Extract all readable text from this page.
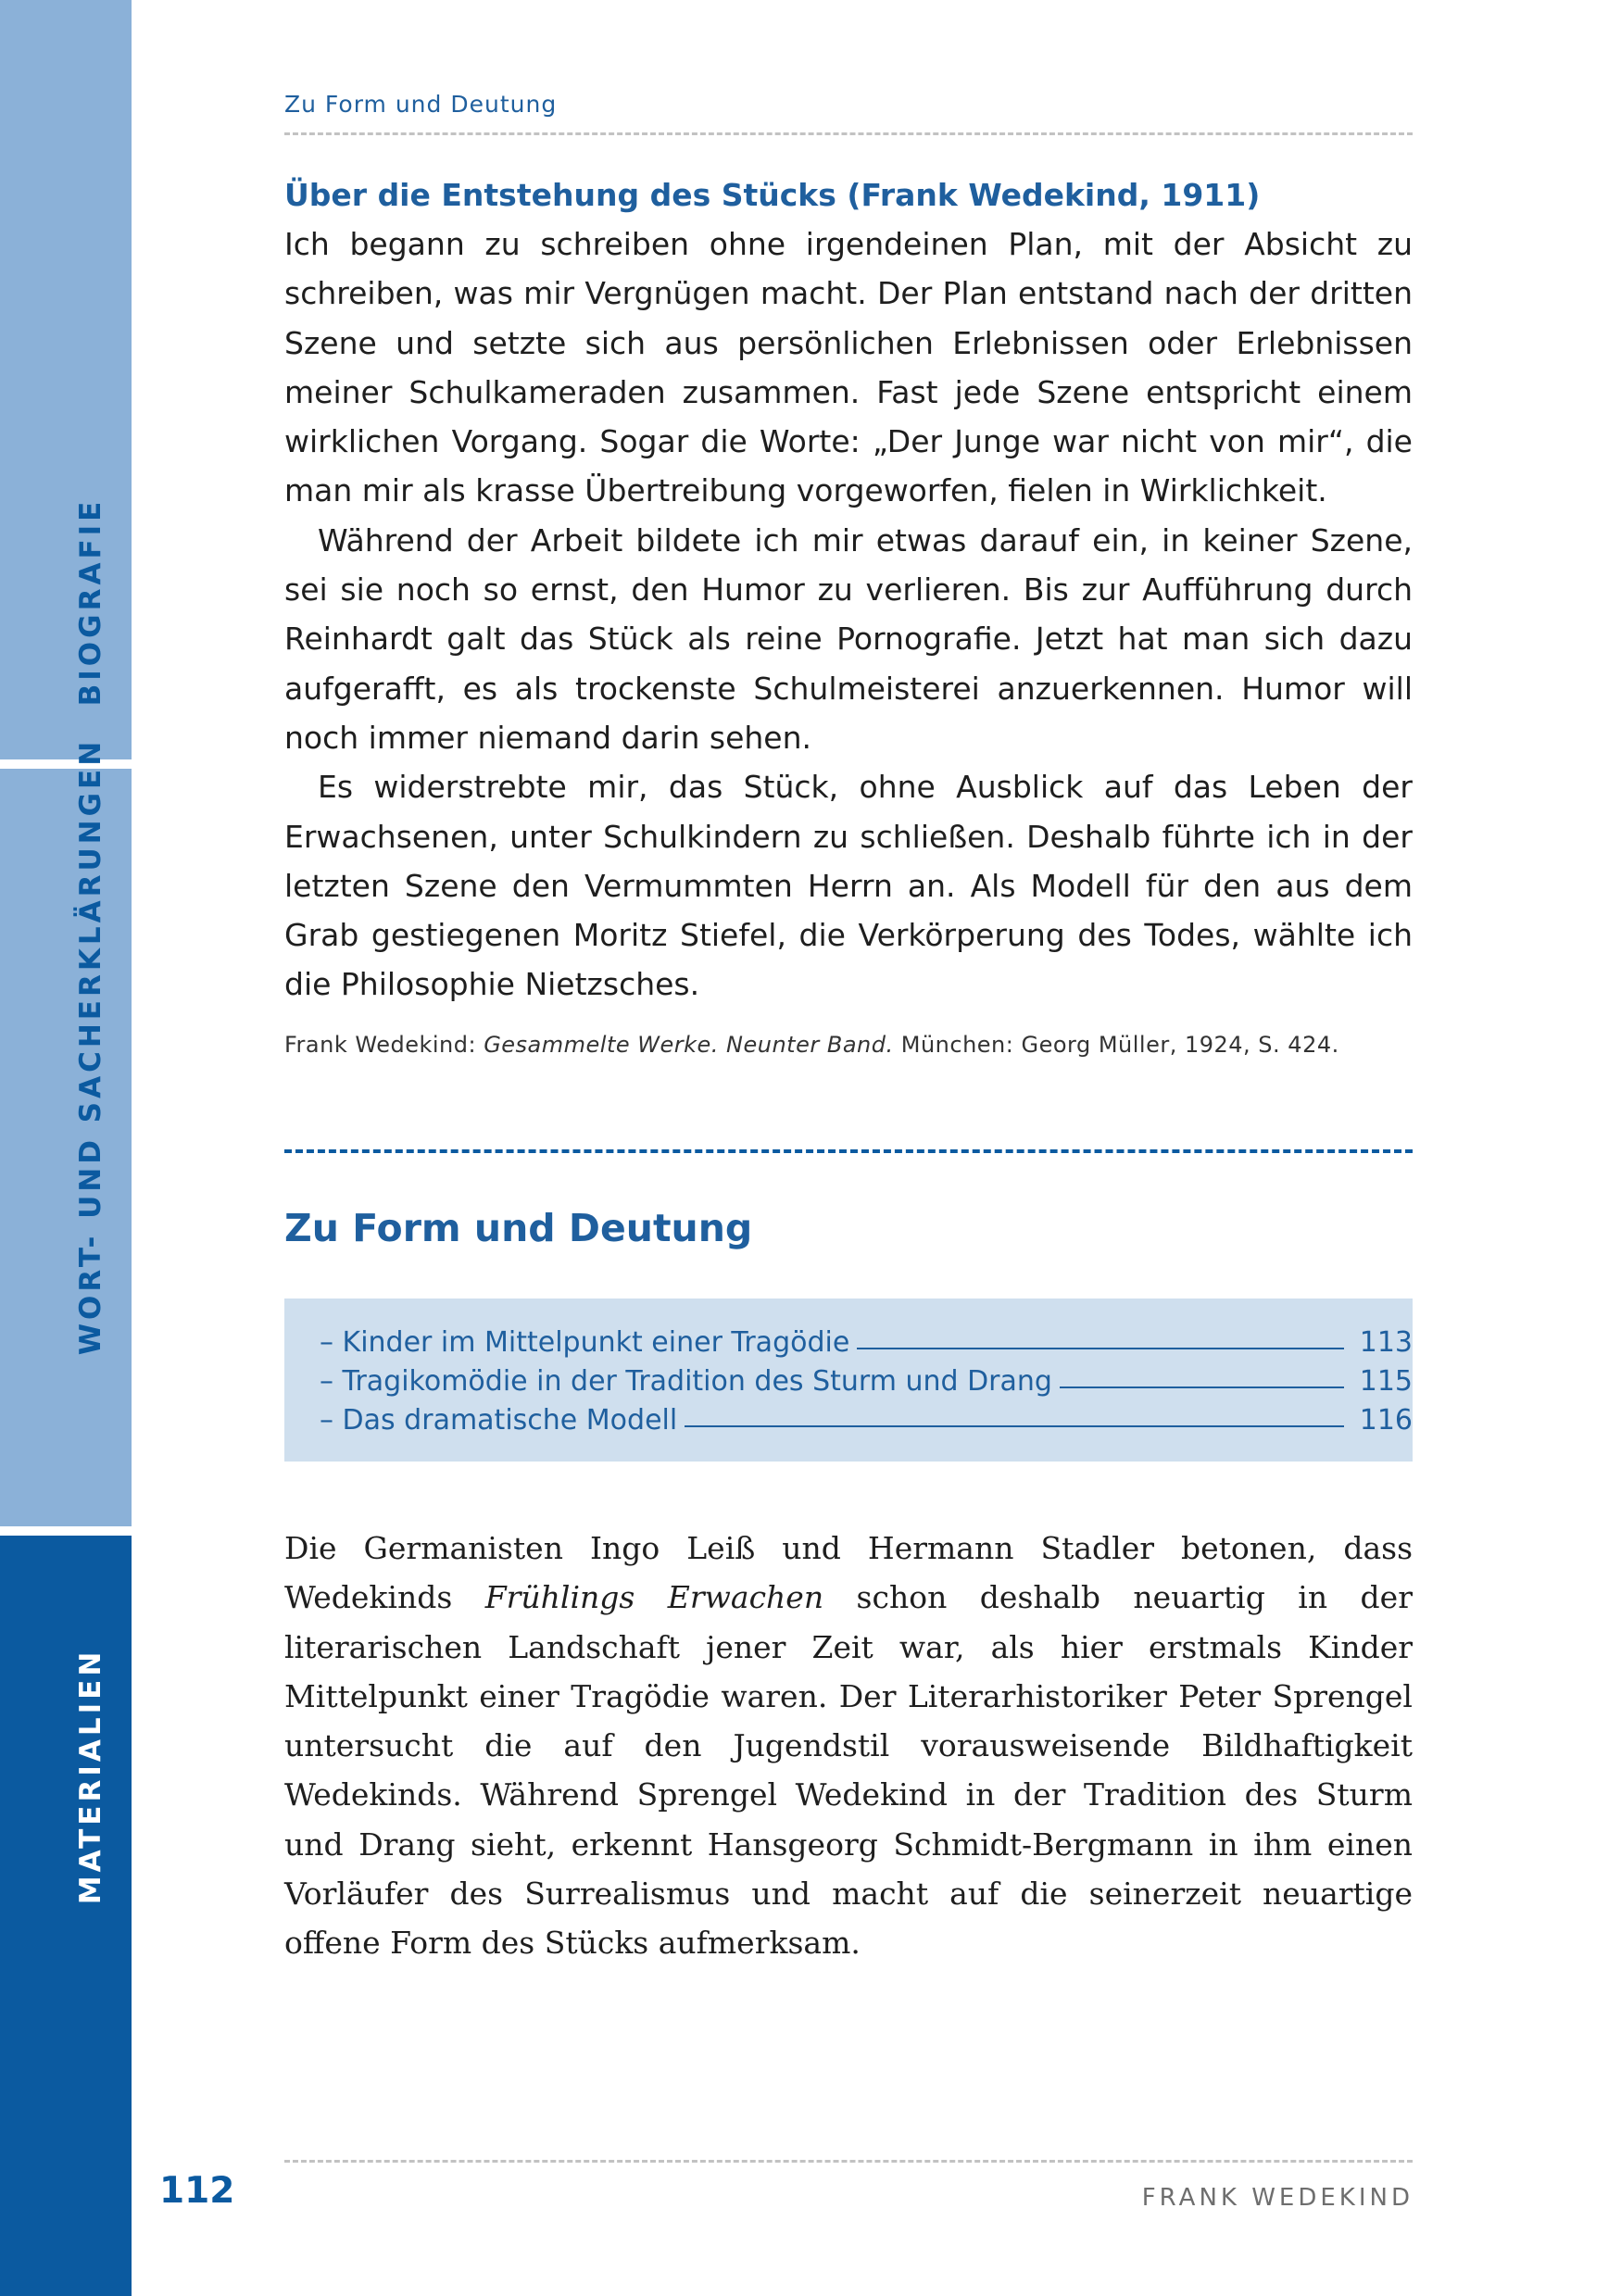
BIOGRAFIE
WORT- UND SACHERKLÄRUNGEN
MATERIALIEN
Zu Form und Deutung
Über die Entstehung des Stücks (Frank Wedekind, 1911)

Ich begann zu schreiben ohne irgendeinen Plan, mit der Absicht zu schreiben, was mir Vergnügen macht. Der Plan entstand nach der dritten Szene und setzte sich aus persönlichen Erlebnissen oder Erlebnissen meiner Schulkameraden zusammen. Fast jede Szene entspricht einem wirklichen Vorgang. Sogar die Worte: „Der Junge war nicht von mir“, die man mir als krasse Übertreibung vorgeworfen, fielen in Wirklichkeit.

Während der Arbeit bildete ich mir etwas darauf ein, in keiner Szene, sei sie noch so ernst, den Humor zu verlieren. Bis zur Aufführung durch Reinhardt galt das Stück als reine Pornografie. Jetzt hat man sich dazu aufgerafft, es als trockenste Schulmeisterei anzuerkennen. Humor will noch immer niemand darin sehen.

Es widerstrebte mir, das Stück, ohne Ausblick auf das Leben der Erwachsenen, unter Schulkindern zu schließen. Deshalb führte ich in der letzten Szene den Vermummten Herrn an. Als Modell für den aus dem Grab gestiegenen Moritz Stiefel, die Verkörperung des Todes, wählte ich die Philosophie Nietzsches.

Frank Wedekind: Gesammelte Werke. Neunter Band. München: Georg Müller, 1924, S. 424.

Zu Form und Deutung
– Kinder im Mittelpunkt einer Tragödie	113
– Tragikomödie in der Tradition des Sturm und Drang	115
– Das dramatische Modell	116

Die Germanisten Ingo Leiß und Hermann Stadler betonen, dass Wedekinds Frühlings Erwachen schon deshalb neuartig in der literarischen Landschaft jener Zeit war, als hier erstmals Kinder Mittelpunkt einer Tragödie waren. Der Literarhistoriker Peter Sprengel untersucht die auf den Jugendstil vorausweisende Bildhaftigkeit Wedekinds. Während Sprengel Wedekind in der Tradition des Sturm und Drang sieht, erkennt Hansgeorg Schmidt-Bergmann in ihm einen Vorläufer des Surrealismus und macht auf die seinerzeit neuartige offene Form des Stücks aufmerksam.

112	FRANK WEDEKIND
